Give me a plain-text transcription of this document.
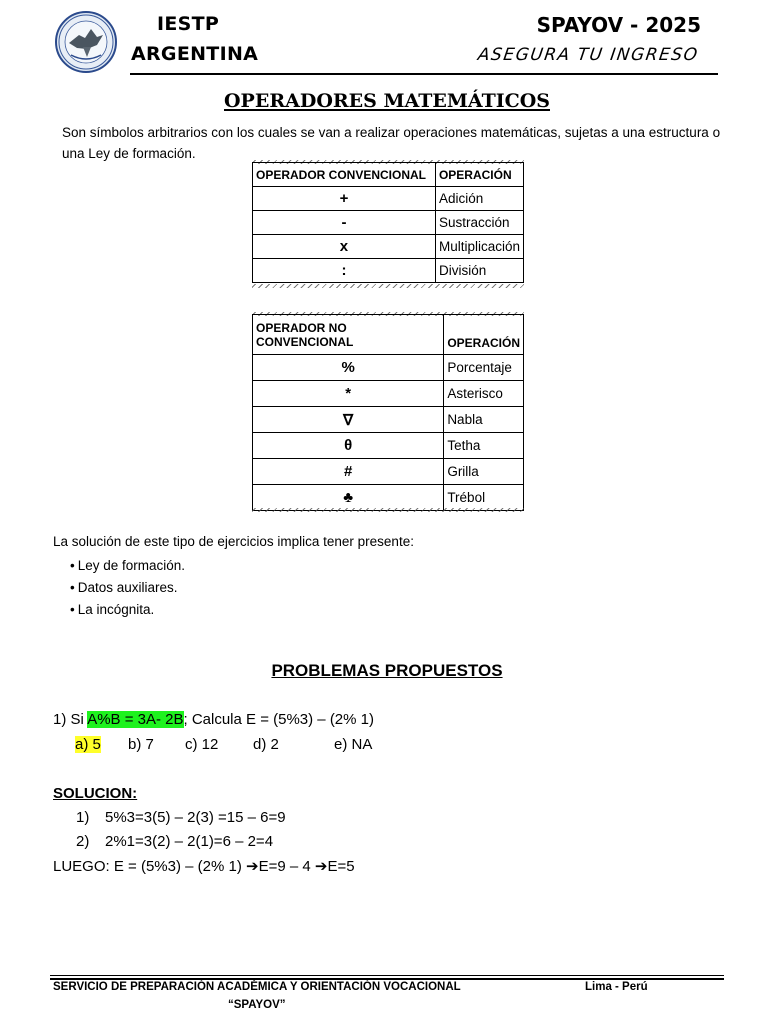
IESTP
ARGENTINA
SPAYOV - 2025
ASEGURA TU INGRESO
OPERADORES MATEMÁTICOS
Son símbolos arbitrarios con los cuales se van a realizar operaciones matemáticas, sujetas a una estructura o una Ley de formación.
OPERADOR CONVENCIONAL	OPERACIÓN
+	Adición
-	Sustracción
x	Multiplicación
:	División
OPERADOR NO CONVENCIONAL	OPERACIÓN
%	Porcentaje
*	Asterisco
∇	Nabla
θ	Tetha
#	Grilla
♣	Trébol
La solución de este tipo de ejercicios implica tener presente:
• Ley de formación.
• Datos auxiliares.
• La incógnita.
PROBLEMAS PROPUESTOS
1) Si A%B = 3A- 2B; Calcula E = (5%3) – (2% 1)
a) 5 b) 7 c) 12 d) 2	e) NA
SOLUCION:
1) 5%3=3(5) – 2(3) =15 – 6=9
2) 2%1=3(2) – 2(1)=6 – 2=4
LUEGO: E = (5%3) – (2% 1) ➔E=9 – 4 ➔E=5
SERVICIO DE PREPARACIÓN ACADÉMICA Y ORIENTACIÓN VOCACIONAL
“SPAYOV”
Lima - Perú
